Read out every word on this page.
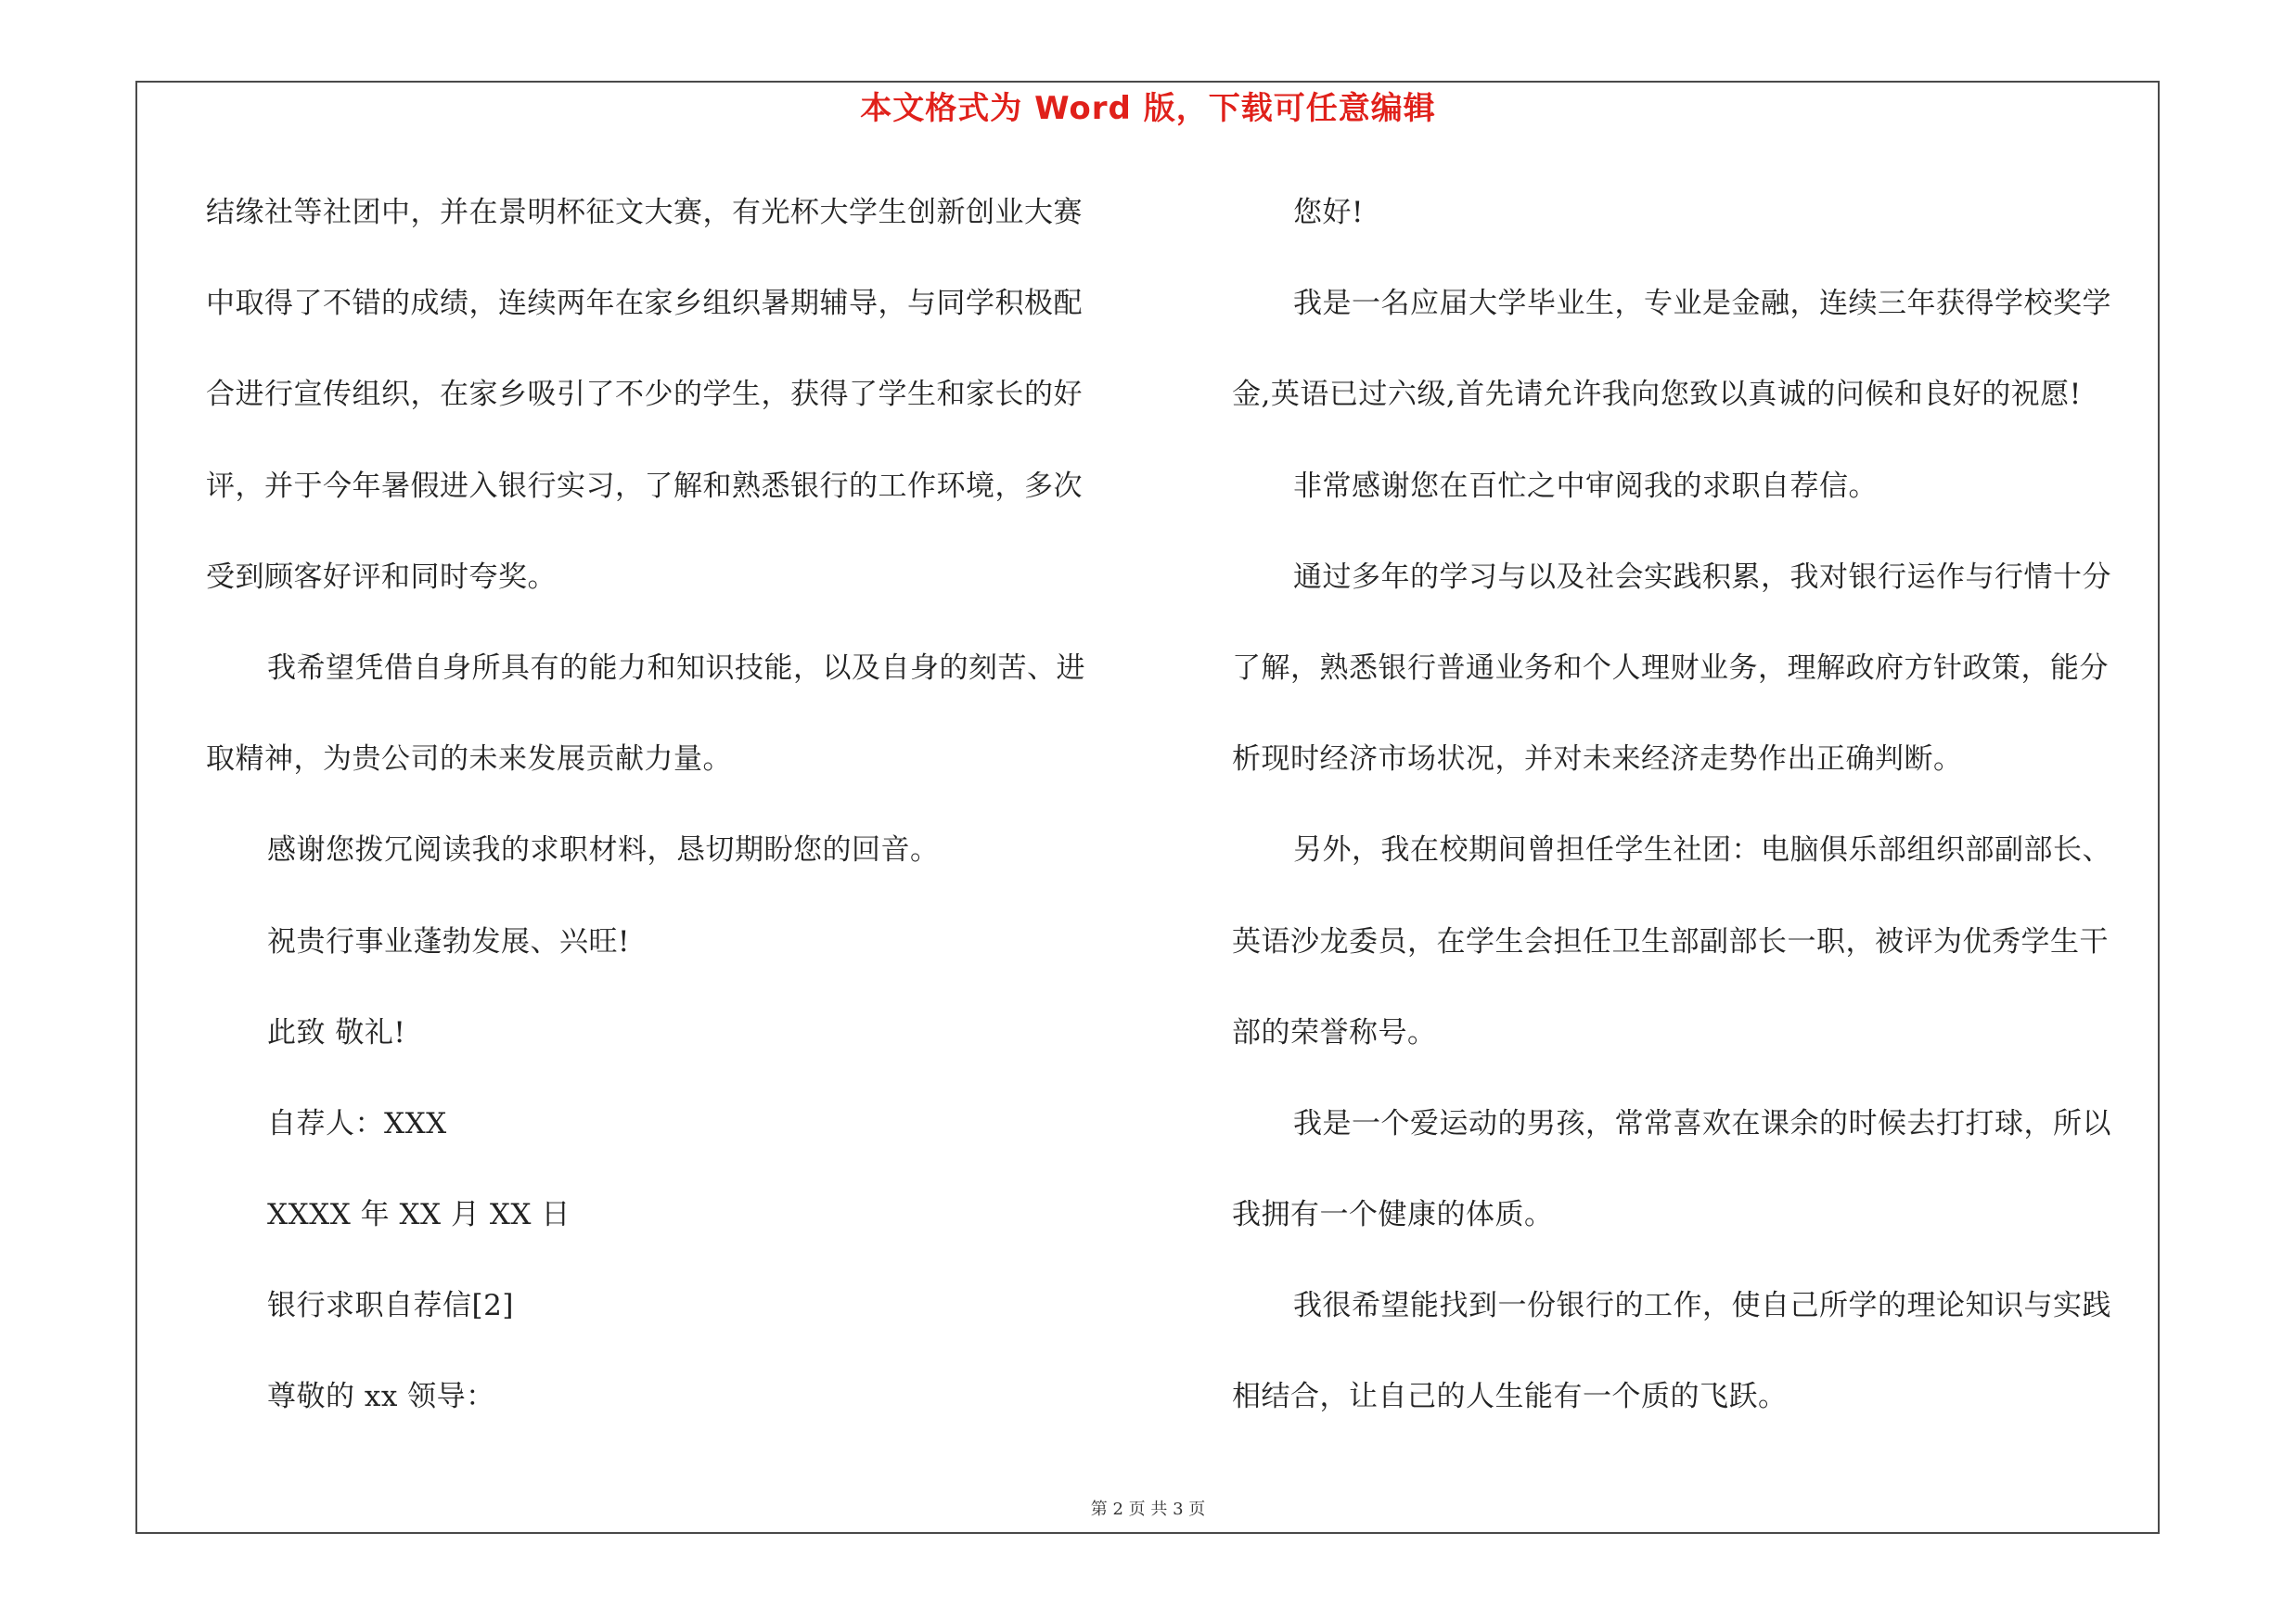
本文格式为 Word 版，下载可任意编辑
结缘社等社团中，并在景明杯征文大赛，有光杯大学生创新创业大赛
中取得了不错的成绩，连续两年在家乡组织暑期辅导，与同学积极配
合进行宣传组织，在家乡吸引了不少的学生，获得了学生和家长的好
评，并于今年暑假进入银行实习，了解和熟悉银行的工作环境，多次
受到顾客好评和同时夸奖。
我希望凭借自身所具有的能力和知识技能，以及自身的刻苦、进
取精神，为贵公司的未来发展贡献力量。
感谢您拨冗阅读我的求职材料，恳切期盼您的回音。
祝贵行事业蓬勃发展、兴旺!
此致 敬礼!
自荐人：XXX
XXXX 年 XX 月 XX 日
银行求职自荐信[2]
尊敬的 xx 领导：
您好!
我是一名应届大学毕业生，专业是金融，连续三年获得学校奖学
金,英语已过六级,首先请允许我向您致以真诚的问候和良好的祝愿!
非常感谢您在百忙之中审阅我的求职自荐信。
通过多年的学习与以及社会实践积累，我对银行运作与行情十分
了解，熟悉银行普通业务和个人理财业务，理解政府方针政策，能分
析现时经济市场状况，并对未来经济走势作出正确判断。
另外，我在校期间曾担任学生社团：电脑俱乐部组织部副部长、
英语沙龙委员，在学生会担任卫生部副部长一职，被评为优秀学生干
部的荣誉称号。
我是一个爱运动的男孩，常常喜欢在课余的时候去打打球，所以
我拥有一个健康的体质。
我很希望能找到一份银行的工作，使自己所学的理论知识与实践
相结合，让自己的人生能有一个质的飞跃。
第 2 页 共 3 页
